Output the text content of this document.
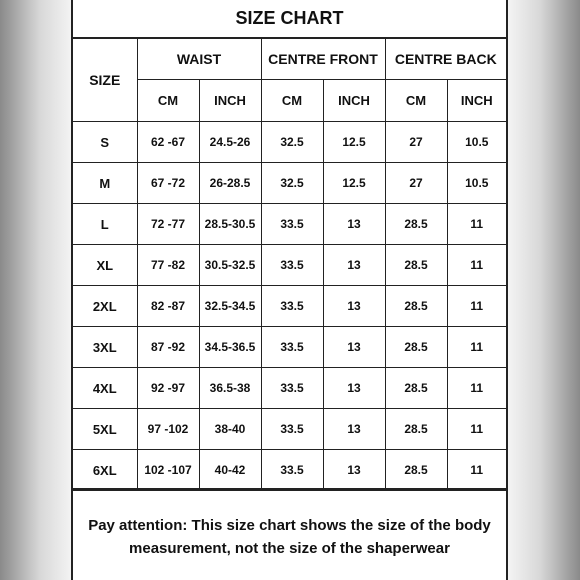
SIZE CHART
SIZE	WAIST		CENTRE FRONT		CENTRE BACK	
	CM	INCH	CM	INCH	CM	INCH
S	62 -67	24.5-26	32.5	12.5	27	10.5
M	67 -72	26-28.5	32.5	12.5	27	10.5
L	72 -77	28.5-30.5	33.5	13	28.5	11
XL	77 -82	30.5-32.5	33.5	13	28.5	11
2XL	82 -87	32.5-34.5	33.5	13	28.5	11
3XL	87 -92	34.5-36.5	33.5	13	28.5	11
4XL	92 -97	36.5-38	33.5	13	28.5	11
5XL	97 -102	38-40	33.5	13	28.5	11
6XL	102 -107	40-42	33.5	13	28.5	11
Pay attention: This size chart shows the size of the body
measurement, not the size of the shaperwear
